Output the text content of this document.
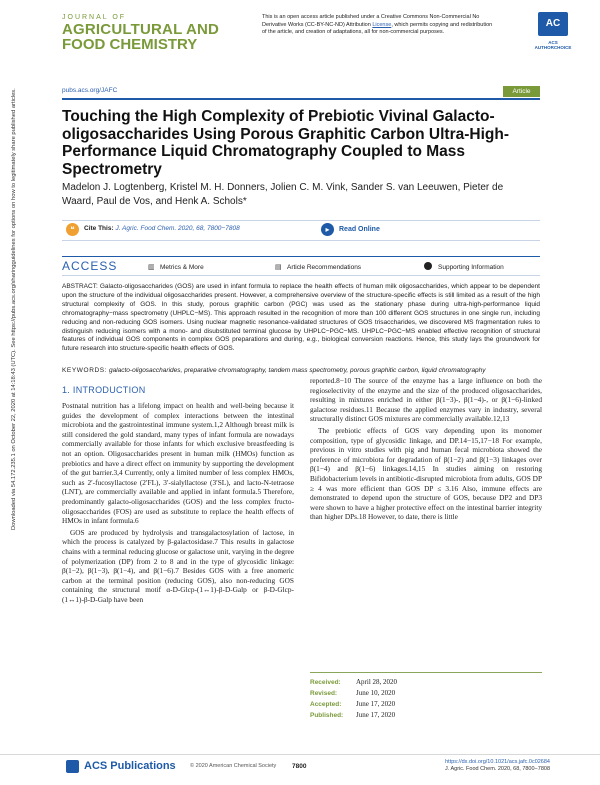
JOURNAL OF
AGRICULTURAL AND
FOOD CHEMISTRY
This is an open access article published under a Creative Commons Non-Commercial No Derivative Works (CC-BY-NC-ND) Attribution License, which permits copying and redistribution of the article, and creation of adaptations, all for non-commercial purposes.
AC
ACS AUTHORCHOICE
pubs.acs.org/JAFC	Article
Touching the High Complexity of Prebiotic Vivinal Galacto-oligosaccharides Using Porous Graphitic Carbon Ultra-High-Performance Liquid Chromatography Coupled to Mass Spectrometry
Madelon J. Logtenberg, Kristel M. H. Donners, Jolien C. M. Vink, Sander S. van Leeuwen, Pieter de Waard, Paul de Vos, and Henk A. Schols*
❝	Cite This: J. Agric. Food Chem. 2020, 68, 7800−7808	▸	Read Online
ACCESS	▥ Metrics & More	▤ Article Recommendations	Supporting Information
ABSTRACT: Galacto-oligosaccharides (GOS) are used in infant formula to replace the health effects of human milk oligosaccharides, which appear to be dependent upon the structure of the individual oligosaccharides present. However, a comprehensive overview of the structure-specific effects is still limited as a result of the high structural complexity of GOS. In this study, porous graphitic carbon (PGC) was used as the stationary phase during ultra-high-performance liquid chromatography−mass spectrometry (UHPLC−MS). This approach resulted in the recognition of more than 100 different GOS structures in one single run, including reducing and non-reducing GOS isomers. Using nuclear magnetic resonance-validated structures of GOS trisaccharides, we discovered MS fragmentation rules to distinguish reducing isomers with a mono- and disubstituted terminal glucose by UHPLC−PGC−MS. UHPLC−PGC−MS enabled effective recognition of structural features of individual GOS components in complex GOS preparations and during, e.g., biological conversion reactions. Hence, this study lays the groundwork for future research into structure-specific health effects of GOS.
KEYWORDS: galacto-oligosaccharides, preparative chromatography, tandem mass spectrometry, porous graphitic carbon, liquid chromatography
Downloaded via 54.172.235.1 on October 22, 2020 at 14:18:43 (UTC). See https://pubs.acs.org/sharingguidelines for options on how to legitimately share published articles.	1. INTRODUCTION

Postnatal nutrition has a lifelong impact on health and well-being because it guides the development of complex interactions between the intestinal microbiota and the gastrointestinal immune system.1,2 Although breast milk is still considered the gold standard, many types of infant formula are nowadays commercially available for those infants for which exclusive breastfeeding is not an option. Oligosaccharides present in human milk (HMOs) function as prebiotics and have a direct effect on immunity by supporting the development of the gut barrier.3,4 Currently, only a limited number of less complex HMOs, such as 2′-fucosyllactose (2′FL), 3′-sialyllactose (3′SL), and lacto-N-tetraose (LNT), are commercially available and applied in infant formula.5 Therefore, predominantly galacto-oligosaccharides (GOS) and the less complex fructo-oligosaccharides (FOS) are used as substitute to replace the health effects of HMOs in infant formula.6

GOS are produced by hydrolysis and transgalactosylation of lactose, in which the process is catalyzed by β-galactosidase.7 This results in galactose chains with a terminal reducing glucose or galactose unit, varying in the degree of polymerization (DP) from 2 to 8 and in the type of glycosidic linkage: β(1−2), β(1−3), β(1−4), and β(1−6).7 Besides GOS with a free anomeric carbon at the terminal position (reducing GOS), also non-reducing GOS containing the structural motif α-D-Glcp-(1↔1)-β-D-Galp or β-D-Glcp-(1↔1)-β-D-Galp have been

reported.8−10 The source of the enzyme has a large influence on both the regioselectivity of the enzyme and the size of the produced oligosaccharides, resulting in mixtures enriched in either β(1−3)-, β(1−4)-, or β(1−6)-linked galactose residues.11 Because the applied enzymes vary in industry, several structurally distinct GOS mixtures are commercially available.12,13

The prebiotic effects of GOS vary depending upon its monomer composition, type of glycosidic linkage, and DP.14−15,17−18 For example, previous in vitro studies with pig and human fecal microbiota showed the preference of microbiota for degradation of β(1−2) and β(1−3) linkages over β(1−4) and β(1−6) linkages.14,15 In studies aiming on restoring Bifidobacterium levels in antibiotic-disrupted microbiota from adults, GOS DP ≥ 4 was more efficient than GOS DP ≤ 3.16 Also, immune effects are demonstrated to depend upon the structure of GOS, because DP2 and DP3 were shown to have a higher protective effect on the intestinal barrier integrity than higher DPs.18 However, to date, there is little

Received: April 28, 2020
Revised:	June 10, 2020
Accepted: June 17, 2020
Published: June 17, 2020
ACS Publications	© 2020 American Chemical Society 7800
https://dx.doi.org/10.1021/acs.jafc.0c02684
J. Agric. Food Chem. 2020, 68, 7800−7808
